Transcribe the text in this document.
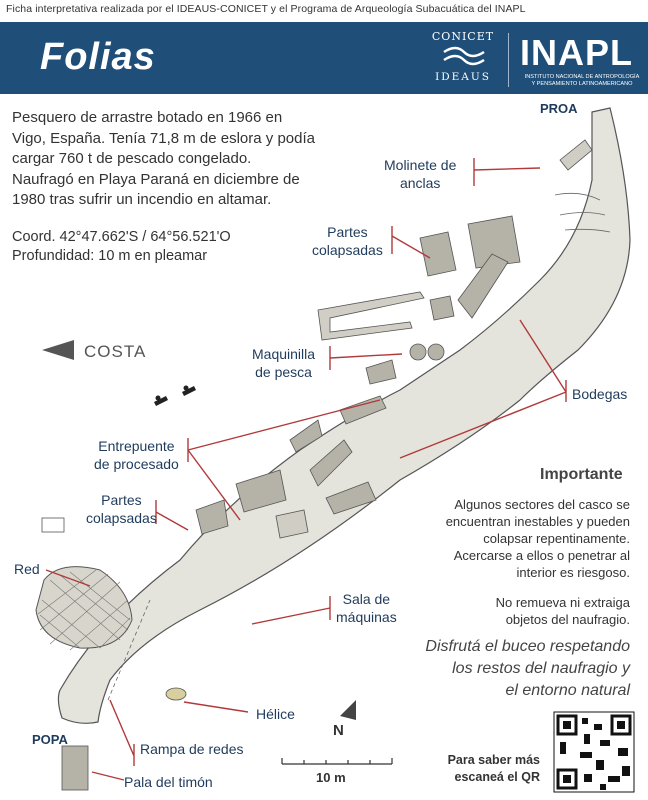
Ficha interpretativa realizada por el IDEAUS-CONICET y el Programa de Arqueología Subacuática del INAPL
Folias	CONICET
IDEAUS
INAPL
INSTITUTO NACIONAL DE ANTROPOLOGÍA
Y PENSAMIENTO LATINOAMERICANO
Pesquero de arrastre botado en 1966 en
Vigo, España. Tenía 71,8 m de eslora y podía
cargar 760 t de pescado congelado.
Naufragó en Playa Paraná en diciembre de
1980 tras sufrir un incendio en altamar.
Coord. 42°47.662'S / 64°56.521'O
Profundidad: 10 m en pleamar
PROA
POPA
COSTA
Molinete de
anclas
Partes
colapsadas
Maquinilla
de pesca
Bodegas
Entrepuente
de procesado
Partes
colapsadas
Red
Sala de
máquinas
Hélice
Rampa de redes
Pala del timón
N
10 m
Importante
Algunos sectores del casco se
encuentran inestables y pueden
colapsar repentinamente.
Acercarse a ellos o penetrar al
interior es riesgoso.
No remueva ni extraiga
objetos del naufragio.
Disfrutá el buceo respetando
los restos del naufragio y
el entorno natural
Para saber más
escaneá el QR
